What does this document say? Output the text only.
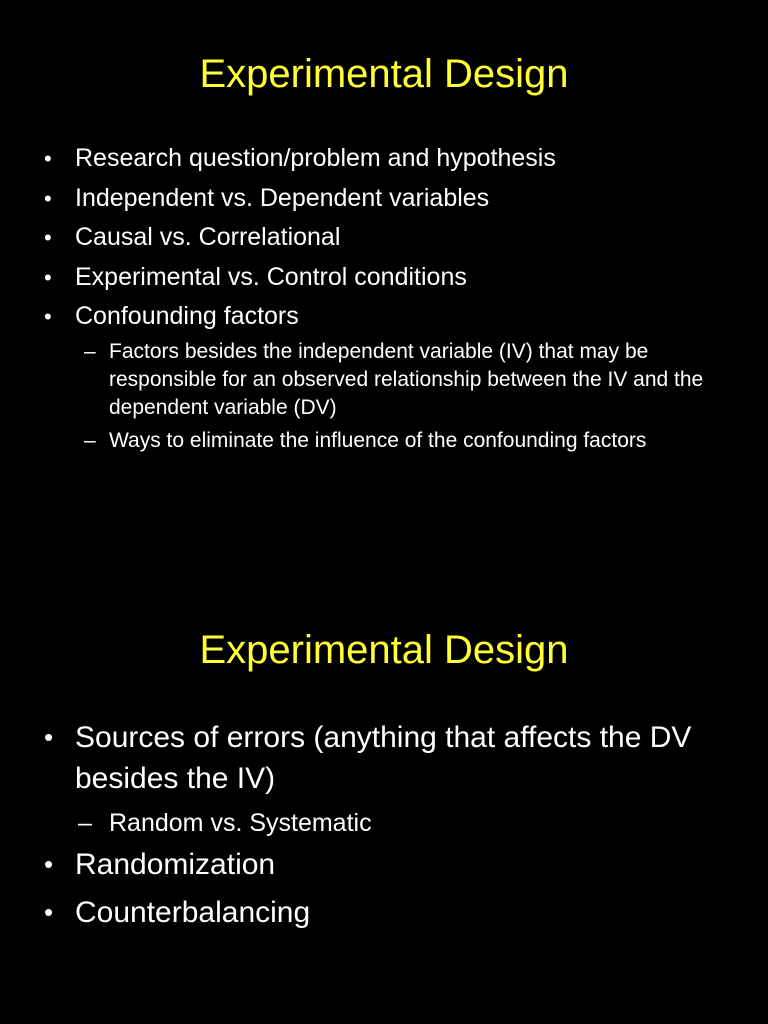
Experimental Design
• Research question/problem and hypothesis
• Independent vs. Dependent variables
• Causal vs. Correlational
• Experimental vs. Control conditions
• Confounding factors
– Factors besides the independent variable (IV) that may be responsible for an observed relationship between the IV and the dependent variable (DV)
– Ways to eliminate the influence of the confounding factors
Experimental Design
• Sources of errors (anything that affects the DV besides the IV)
– Random vs. Systematic
• Randomization
• Counterbalancing
